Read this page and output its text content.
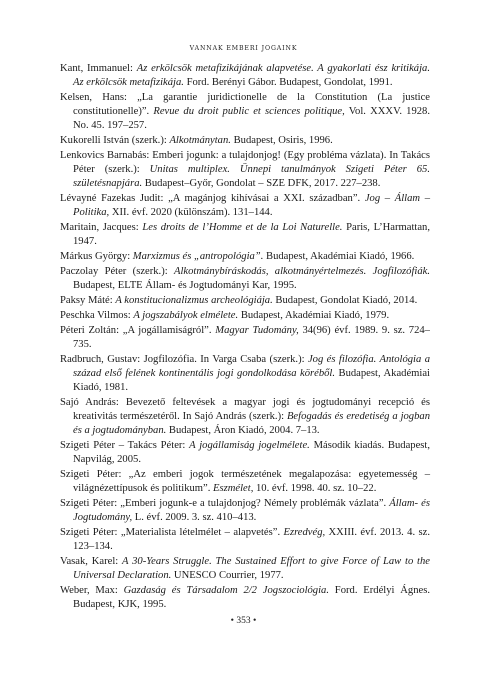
VANNAK EMBERI JOGAINK

Kant, Immanuel: Az erkölcsök metafizikájának alapvetése. A gyakorlati ész kritikája. Az erkölcsök metafizikája. Ford. Berényi Gábor. Budapest, Gondolat, 1991.

Kelsen, Hans: „La garantie juridictionelle de la Constitution (La justice constitutionelle)”. Revue du droit public et sciences politique, Vol. XXXV. 1928. No. 45. 197–257.

Kukorelli István (szerk.): Alkotmánytan. Budapest, Osiris, 1996.

Lenkovics Barnabás: Emberi jogunk: a tulajdonjog! (Egy probléma vázlata). In Takács Péter (szerk.): Unitas multiplex. Ünnepi tanulmányok Szigeti Péter 65. születésnapjára. Budapest–Győr, Gondolat – SZE DFK, 2017. 227–238.

Lévayné Fazekas Judit: „A magánjog kihívásai a XXI. században”. Jog – Állam – Politika, XII. évf. 2020 (különszám). 131–144.

Maritain, Jacques: Les droits de l’Homme et de la Loi Naturelle. Paris, L’Harmattan, 1947.

Márkus György: Marxizmus és „antropológia”. Budapest, Akadémiai Kiadó, 1966.

Paczolay Péter (szerk.): Alkotmánybíráskodás, alkotmányértelmezés. Jogfilozófiák. Budapest, ELTE Állam- és Jogtudományi Kar, 1995.

Paksy Máté: A konstitucionalizmus archeológiája. Budapest, Gondolat Kiadó, 2014.

Peschka Vilmos: A jogszabályok elmélete. Budapest, Akadémiai Kiadó, 1979.

Péteri Zoltán: „A jogállamiságról”. Magyar Tudomány, 34(96) évf. 1989. 9. sz. 724–735.

Radbruch, Gustav: Jogfilozófia. In Varga Csaba (szerk.): Jog és filozófia. Antológia a század első felének kontinentális jogi gondolkodása köréből. Budapest, Akadémiai Kiadó, 1981.

Sajó András: Bevezető feltevések a magyar jogi és jogtudományi recepció és kreativitás természetéről. In Sajó András (szerk.): Befogadás és eredetiség a jogban és a jogtudományban. Budapest, Áron Kiadó, 2004. 7–13.

Szigeti Péter – Takács Péter: A jogállamiság jogelmélete. Második kiadás. Budapest, Napvilág, 2005.

Szigeti Péter: „Az emberi jogok természetének megalapozása: egyetemesség – világnézettípusok és politikum”. Eszmélet, 10. évf. 1998. 40. sz. 10–22.

Szigeti Péter: „Emberi jogunk-e a tulajdonjog? Némely problémák vázlata”. Állam- és Jogtudomány, L. évf. 2009. 3. sz. 410–413.

Szigeti Péter: „Materialista lételmélet – alapvetés”. Ezredvég, XXIII. évf. 2013. 4. sz. 123–134.

Vasak, Karel: A 30-Years Struggle. The Sustained Effort to give Force of Law to the Universal Declaration. UNESCO Courrier, 1977.

Weber, Max: Gazdaság és Társadalom 2/2 Jogszociológia. Ford. Erdélyi Ágnes. Budapest, KJK, 1995.

• 353 •
